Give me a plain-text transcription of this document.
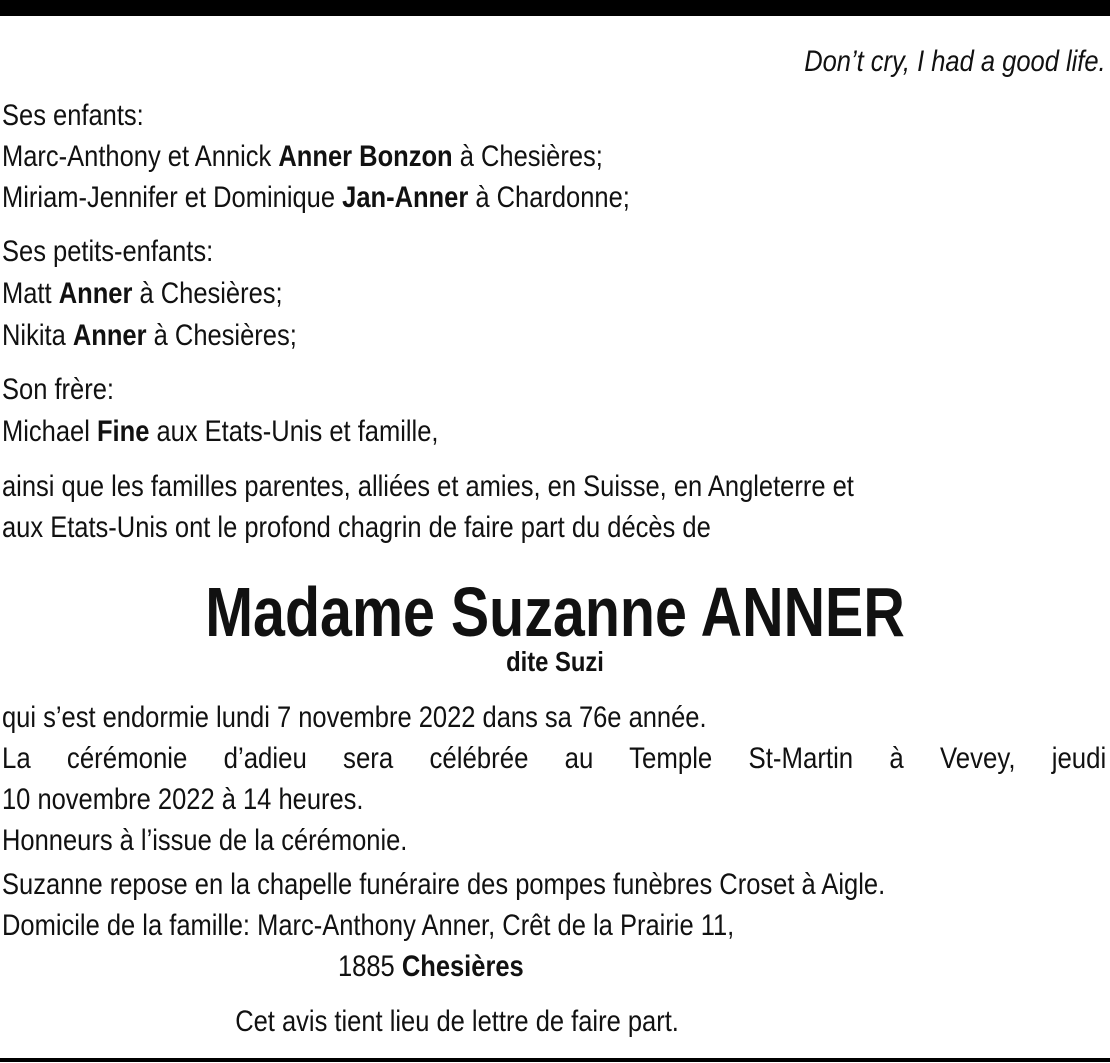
Don’t cry, I had a good life.
Ses enfants:
Marc-Anthony et Annick Anner Bonzon à Chesières;
Miriam-Jennifer et Dominique Jan-Anner à Chardonne;
Ses petits-enfants:
Matt Anner à Chesières;
Nikita Anner à Chesières;
Son frère:
Michael Fine aux Etats-Unis et famille,
ainsi que les familles parentes, alliées et amies, en Suisse, en Angleterre et
aux Etats-Unis ont le profond chagrin de faire part du décès de
Madame Suzanne ANNER
dite Suzi
qui s’est endormie lundi 7 novembre 2022 dans sa 76e année.
La cérémonie d’adieu sera célébrée au Temple St-Martin à Vevey, jeudi
10 novembre 2022 à 14 heures.
Honneurs à l’issue de la cérémonie.
Suzanne repose en la chapelle funéraire des pompes funèbres Croset à Aigle.
Domicile de la famille: Marc-Anthony Anner, Crêt de la Prairie 11,
1885 Chesières
Cet avis tient lieu de lettre de faire part.
